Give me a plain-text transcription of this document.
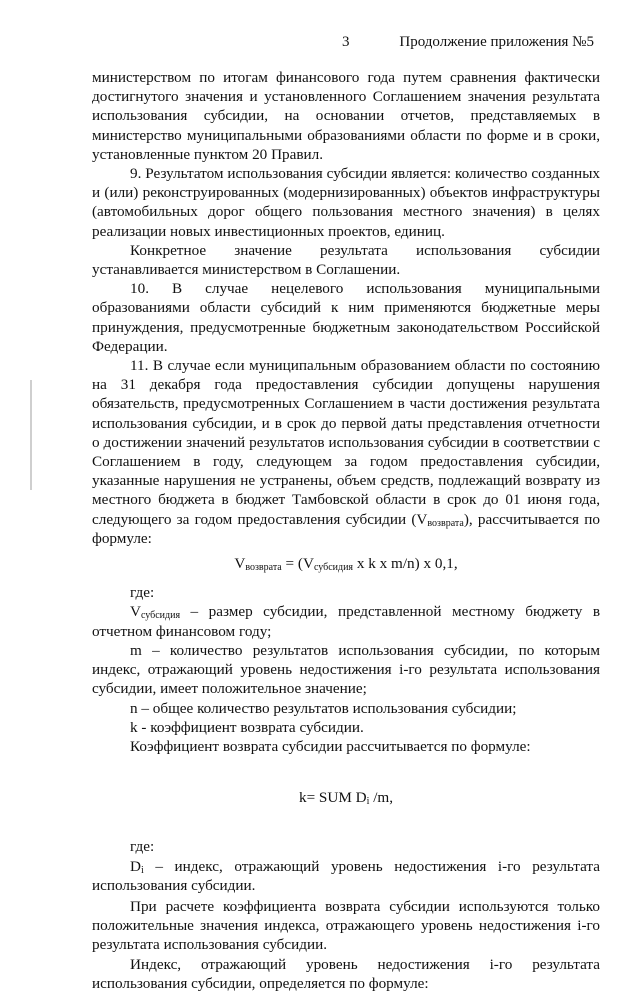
3	Продолжение приложения №5

министерством по итогам финансового года путем сравнения фактически достигнутого значения и установленного Соглашением значения результата использования субсидии, на основании отчетов, представляемых в министерство муниципальными образованиями области по форме и в сроки, установленные пунктом 20 Правил.

9. Результатом использования субсидии является: количество созданных и (или) реконструированных (модернизированных) объектов инфраструктуры (автомобильных дорог общего пользования местного значения) в целях реализации новых инвестиционных проектов, единиц.

Конкретное значение результата использования субсидии устанавливается министерством в Соглашении.

10. В случае нецелевого использования муниципальными образованиями области субсидий к ним применяются бюджетные меры принуждения, предусмотренные бюджетным законодательством Российской Федерации.

11. В случае если муниципальным образованием области по состоянию на 31 декабря года предоставления субсидии допущены нарушения обязательств, предусмотренных Соглашением в части достижения результата использования субсидии, и в срок до первой даты представления отчетности о достижении значений результатов использования субсидии в соответствии с Соглашением в году, следующем за годом предоставления субсидии, указанные нарушения не устранены, объем средств, подлежащий возврату из местного бюджета в бюджет Тамбовской области в срок до 01 июня года, следующего за годом предоставления субсидии $(V_{возврата})$, рассчитывается по формуле:

$V_{возврата} = (V_{субсидия}$ x k x m/n) x 0,1,

где:

$V_{субсидия}$ – размер субсидии, представленной местному бюджету в отчетном финансовом году;

m – количество результатов использования субсидии, по которым индекс, отражающий уровень недостижения i-го результата использования субсидии, имеет положительное значение;

n – общее количество результатов использования субсидии;

k - коэффициент возврата субсидии.

Коэффициент возврата субсидии рассчитывается по формуле:

k= SUM $D_i$ /m,

где:

$D_i$ – индекс, отражающий уровень недостижения i-го результата использования субсидии.

При расчете коэффициента возврата субсидии используются только положительные значения индекса, отражающего уровень недостижения i-го результата использования субсидии.

Индекс, отражающий уровень недостижения i-го результата использования субсидии, определяется по формуле:
